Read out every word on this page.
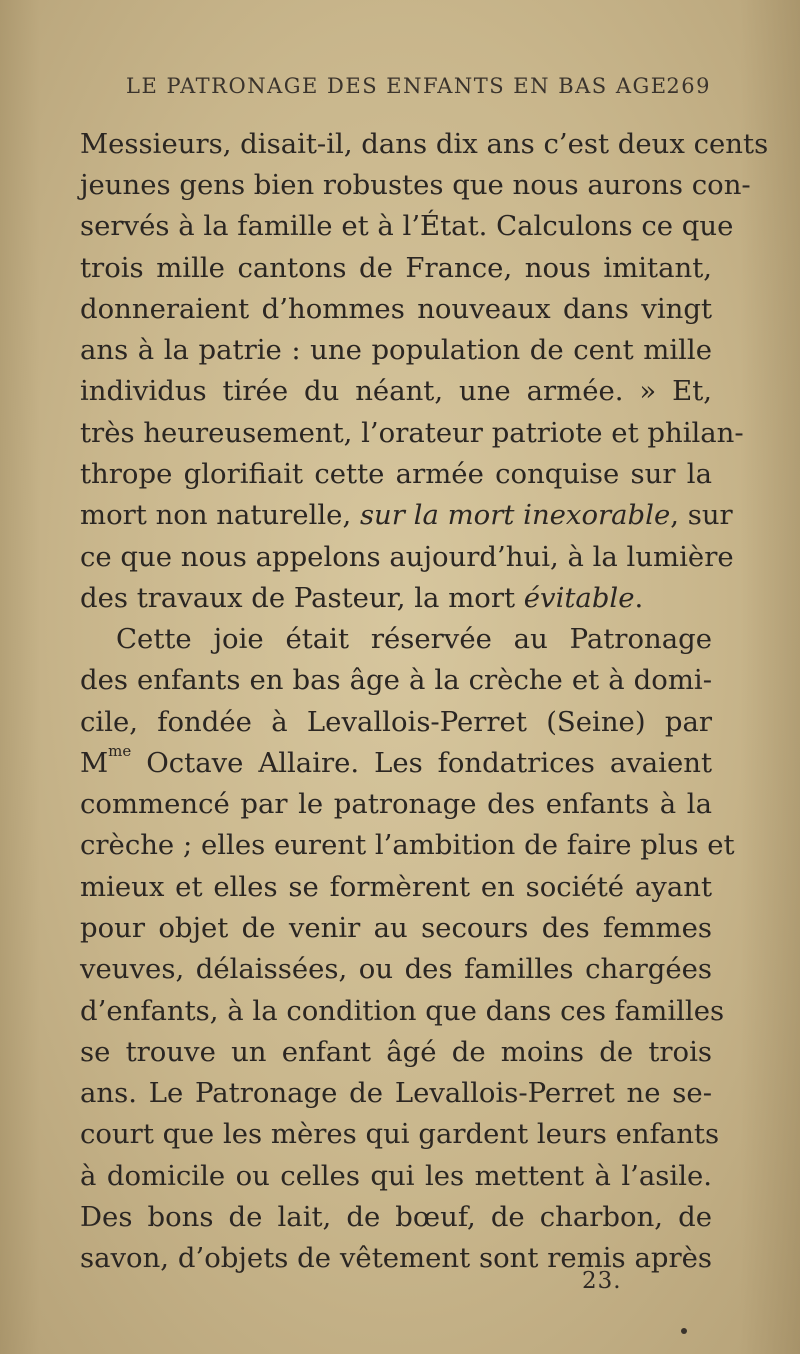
LE PATRONAGE DES ENFANTS EN BAS AGE
269
Messieurs, disait-il, dans dix ans c’est deux cents
jeunes gens bien robustes que nous aurons con-
servés à la famille et à l’État. Calculons ce que
trois mille cantons de France, nous imitant,
donneraient d’hommes nouveaux dans vingt
ans à la patrie : une population de cent mille
individus tirée du néant, une armée. » Et,
très heureusement, l’orateur patriote et philan-
thrope glorifiait cette armée conquise sur la
mort non naturelle, sur la mort inexorable, sur
ce que nous appelons aujourd’hui, à la lumière
des travaux de Pasteur, la mort évitable.
Cette joie était réservée au Patronage
des enfants en bas âge à la crèche et à domi-
cile, fondée à Levallois-Perret (Seine) par
$M^{me}$ Octave Allaire. Les fondatrices avaient
commencé par le patronage des enfants à la
crèche ; elles eurent l’ambition de faire plus et
mieux et elles se formèrent en société ayant
pour objet de venir au secours des femmes
veuves, délaissées, ou des familles chargées
d’enfants, à la condition que dans ces familles
se trouve un enfant âgé de moins de trois
ans. Le Patronage de Levallois-Perret ne se-
court que les mères qui gardent leurs enfants
à domicile ou celles qui les mettent à l’asile.
Des bons de lait, de bœuf, de charbon, de
savon, d’objets de vêtement sont remis après
23.
